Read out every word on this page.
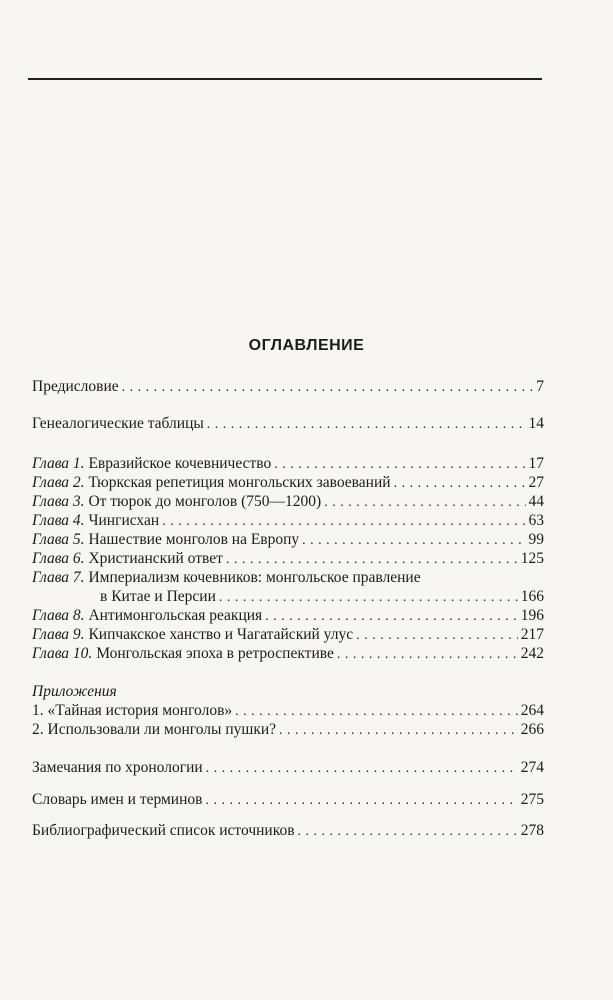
ОГЛАВЛЕНИЕ
Предисловие . . .	7
Генеалогические таблицы . . .	14
Глава 1. Евразийское кочевничество . . .	17
Глава 2. Тюркская репетиция монгольских завоеваний . . .	27
Глава 3. От тюрок до монголов (750—1200) . . .	44
Глава 4. Чингисхан . . .	63
Глава 5. Нашествие монголов на Европу . . .	99
Глава 6. Христианский ответ . . .	125
Глава 7. Империализм кочевников: монгольское правление
в Китае и Персии . . .	166
Глава 8. Антимонгольская реакция . . .	196
Глава 9. Кипчакское ханство и Чагатайский улус . . .	217
Глава 10. Монгольская эпоха в ретроспективе . . .	242
Приложения
1. «Тайная история монголов» . . .	264
2. Использовали ли монголы пушки? . . .	266
Замечания по хронологии . . .	274
Словарь имен и терминов . . .	275
Библиографический список источников . . .	278
